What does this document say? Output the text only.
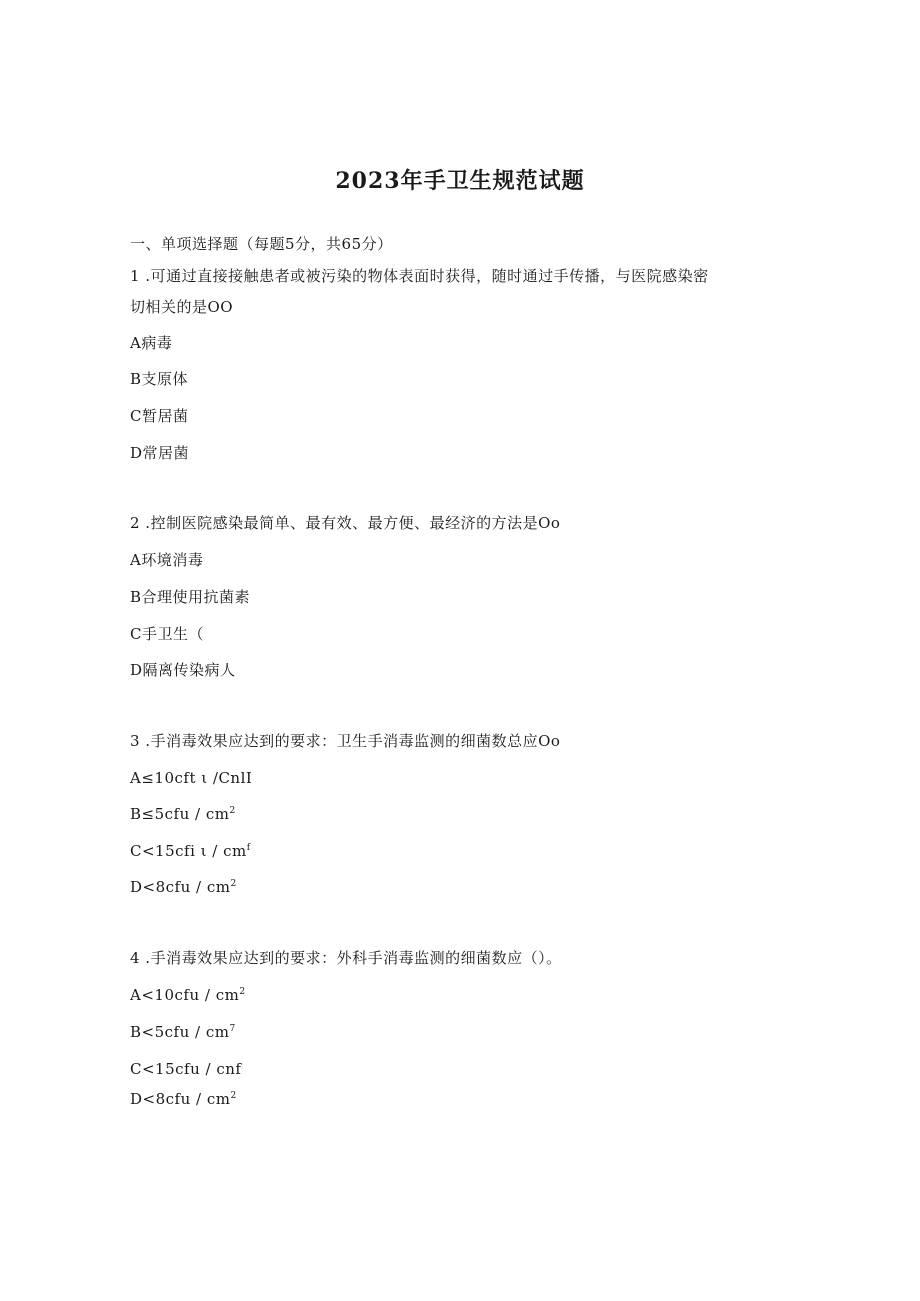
2023年手卫生规范试题
一、单项选择题（每题5分，共65分）
1 .可通过直接接触患者或被污染的物体表面时获得，随时通过手传播，与医院感染密
切相关的是OO
A病毒
B支原体
C暂居菌
D常居菌
2 .控制医院感染最简单、最有效、最方便、最经济的方法是Oo
A环境消毒
B合理使用抗菌素
C手卫生（
D隔离传染病人
3 .手消毒效果应达到的要求：卫生手消毒监测的细菌数总应Oo
A≤10cft ι /CnlI
$B\le 5cfu / cm^2$
C<15cfi ι / $cm^f$
$D<8cfu / cm^2$
4 .手消毒效果应达到的要求：外科手消毒监测的细菌数应（）。
$A<10cfu / cm^2$
$B<5cfu / cm^7$
C<15cfu / cnf
$D<8cfu / cm^2$
